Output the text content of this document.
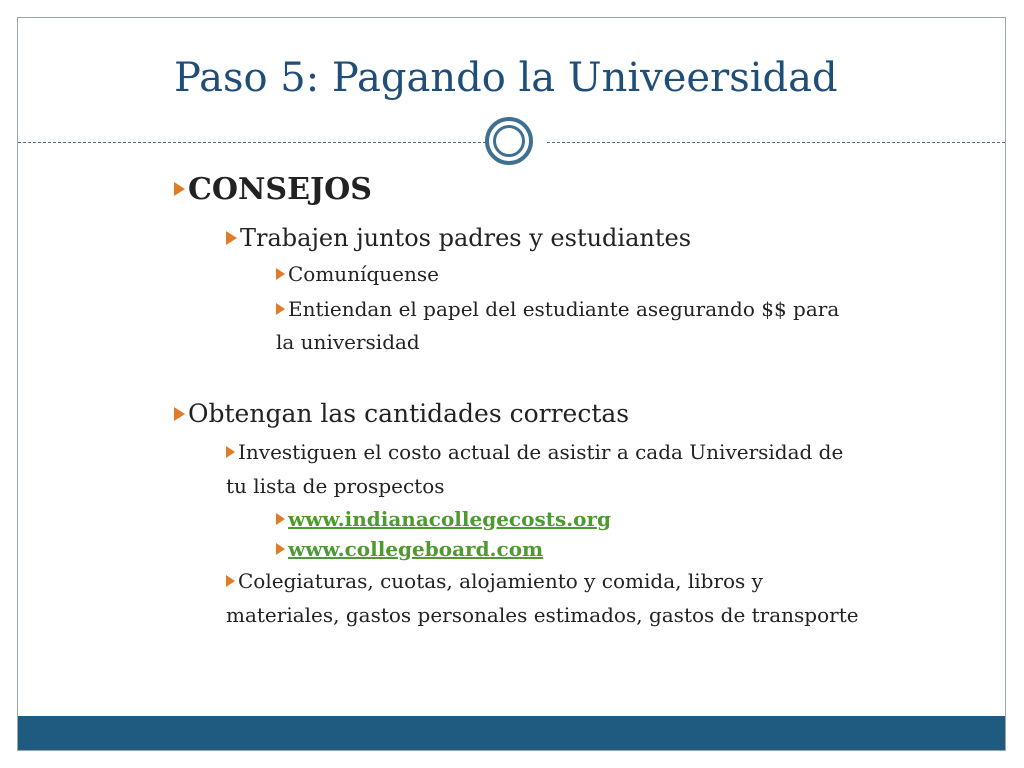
Paso 5: Pagando la Univeersidad
CONSEJOS
Trabajen juntos padres y estudiantes
Comuníquense
Entiendan el papel del estudiante asegurando $$ para
la universidad
Obtengan las cantidades correctas
Investiguen el costo actual de asistir a cada Universidad de
tu lista de prospectos
www.indianacollegecosts.org
www.collegeboard.com
Colegiaturas, cuotas, alojamiento y comida, libros y
materiales, gastos personales estimados, gastos de transporte
